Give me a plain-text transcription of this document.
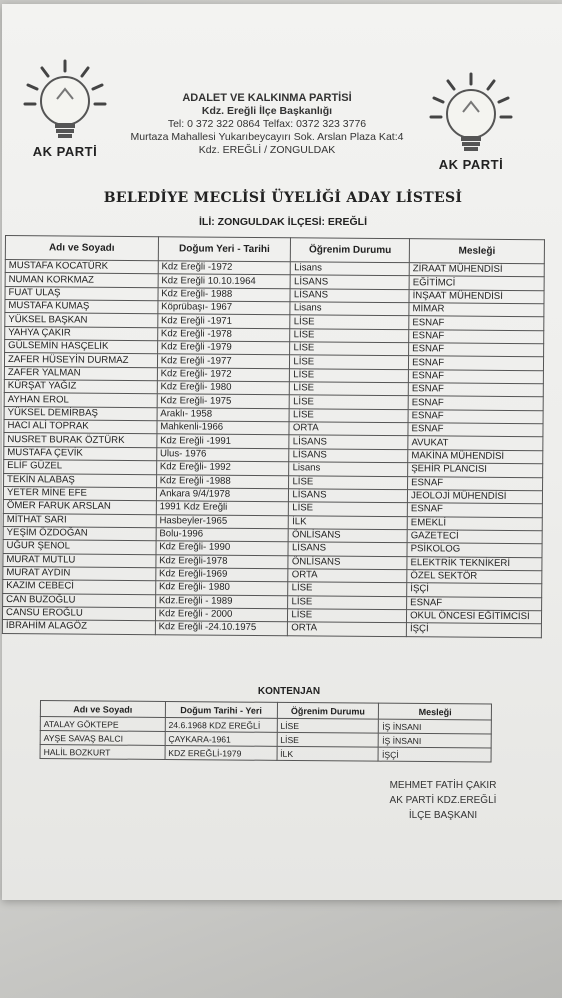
AK PARTİ
AK PARTİ
ADALET VE KALKINMA PARTİSİ
Kdz. Ereğli İlçe Başkanlığı
Tel: 0 372 322 0864 Telfax: 0372 323 3776
Murtaza Mahallesi Yukarıbeycayırı Sok. Arslan Plaza Kat:4
Kdz. EREĞLİ / ZONGULDAK
BELEDİYE MECLİSİ ÜYELİĞİ ADAY LİSTESİ
İLİ: ZONGULDAK İLÇESİ: EREĞLİ
Adı ve Soyadı	Doğum Yeri - Tarihi	Öğrenim Durumu	Mesleği
MUSTAFA KOCATÜRK	Kdz Ereğli -1972	Lisans	ZİRAAT MÜHENDİSİ
NUMAN KORKMAZ	Kdz Ereğli 10.10.1964	LİSANS	EĞİTİMCİ
FUAT ULAŞ	Kdz Ereğli- 1988	LİSANS	İNŞAAT MÜHENDİSİ
MUSTAFA KUMAŞ	Köprübaşı- 1967	Lisans	MİMAR
YÜKSEL BAŞKAN	Kdz Ereğli -1971	LİSE	ESNAF
YAHYA ÇAKIR	Kdz Ereğli -1978	LİSE	ESNAF
GÜLSEMİN HASÇELİK	Kdz Ereğli -1979	LİSE	ESNAF
ZAFER HÜSEYİN DURMAZ	Kdz Ereğli -1977	LİSE	ESNAF
ZAFER YALMAN	Kdz Ereğli- 1972	LİSE	ESNAF
KÜRŞAT YAĞIZ	Kdz Ereğli- 1980	LİSE	ESNAF
AYHAN EROL	Kdz Ereğli- 1975	LİSE	ESNAF
YÜKSEL DEMİRBAŞ	Araklı- 1958	LİSE	ESNAF
HACI ALİ TOPRAK	Mahkenli-1966	ORTA	ESNAF
NUSRET BURAK ÖZTÜRK	Kdz Ereğli -1991	LİSANS	AVUKAT
MUSTAFA ÇEVİK	Ulus- 1976	LİSANS	MAKİNA MÜHENDİSİ
ELİF GÜZEL	Kdz Ereğli- 1992	Lisans	ŞEHİR PLANCISI
TEKİN ALABAŞ	Kdz Ereğli -1988	LİSE	ESNAF
YETER MİNE EFE	Ankara 9/4/1978	LİSANS	JEOLOJİ MÜHENDİSİ
ÖMER FARUK ARSLAN	1991 Kdz Ereğli	LİSE	ESNAF
MİTHAT SARI	Hasbeyler-1965	İLK	EMEKLİ
YEŞİM ÖZDOĞAN	Bolu-1996	ÖNLİSANS	GAZETECİ
UĞUR ŞENOL	Kdz Ereğli- 1990	LİSANS	PSİKOLOG
MURAT MUTLU	Kdz Ereğli-1978	ÖNLİSANS	ELEKTRİK TEKNİKERİ
MURAT AYDIN	Kdz Ereğli-1969	ORTA	ÖZEL SEKTÖR
KAZIM CEBECİ	Kdz Ereğli- 1980	LİSE	İŞÇİ
CAN BUZOĞLU	Kdz.Ereğli - 1989	LİSE	ESNAF
CANSU EROĞLU	Kdz Ereğli - 2000	LİSE	OKUL ÖNCESİ EĞİTİMCİSİ
İBRAHİM ALAGÖZ	Kdz Ereğli -24.10.1975	ORTA	İŞÇİ
KONTENJAN
Adı ve Soyadı	Doğum Tarihi - Yeri	Öğrenim Durumu	Mesleği
ATALAY GÖKTEPE	24.6.1968 KDZ EREĞLİ	LİSE	İŞ İNSANI
AYŞE SAVAŞ BALCI	ÇAYKARA-1961	LİSE	İŞ İNSANI
HALİL BOZKURT	KDZ EREĞLİ-1979	İLK	İŞÇİ
MEHMET FATİH ÇAKIR
AK PARTİ KDZ.EREĞLİ
İLÇE BAŞKANI
